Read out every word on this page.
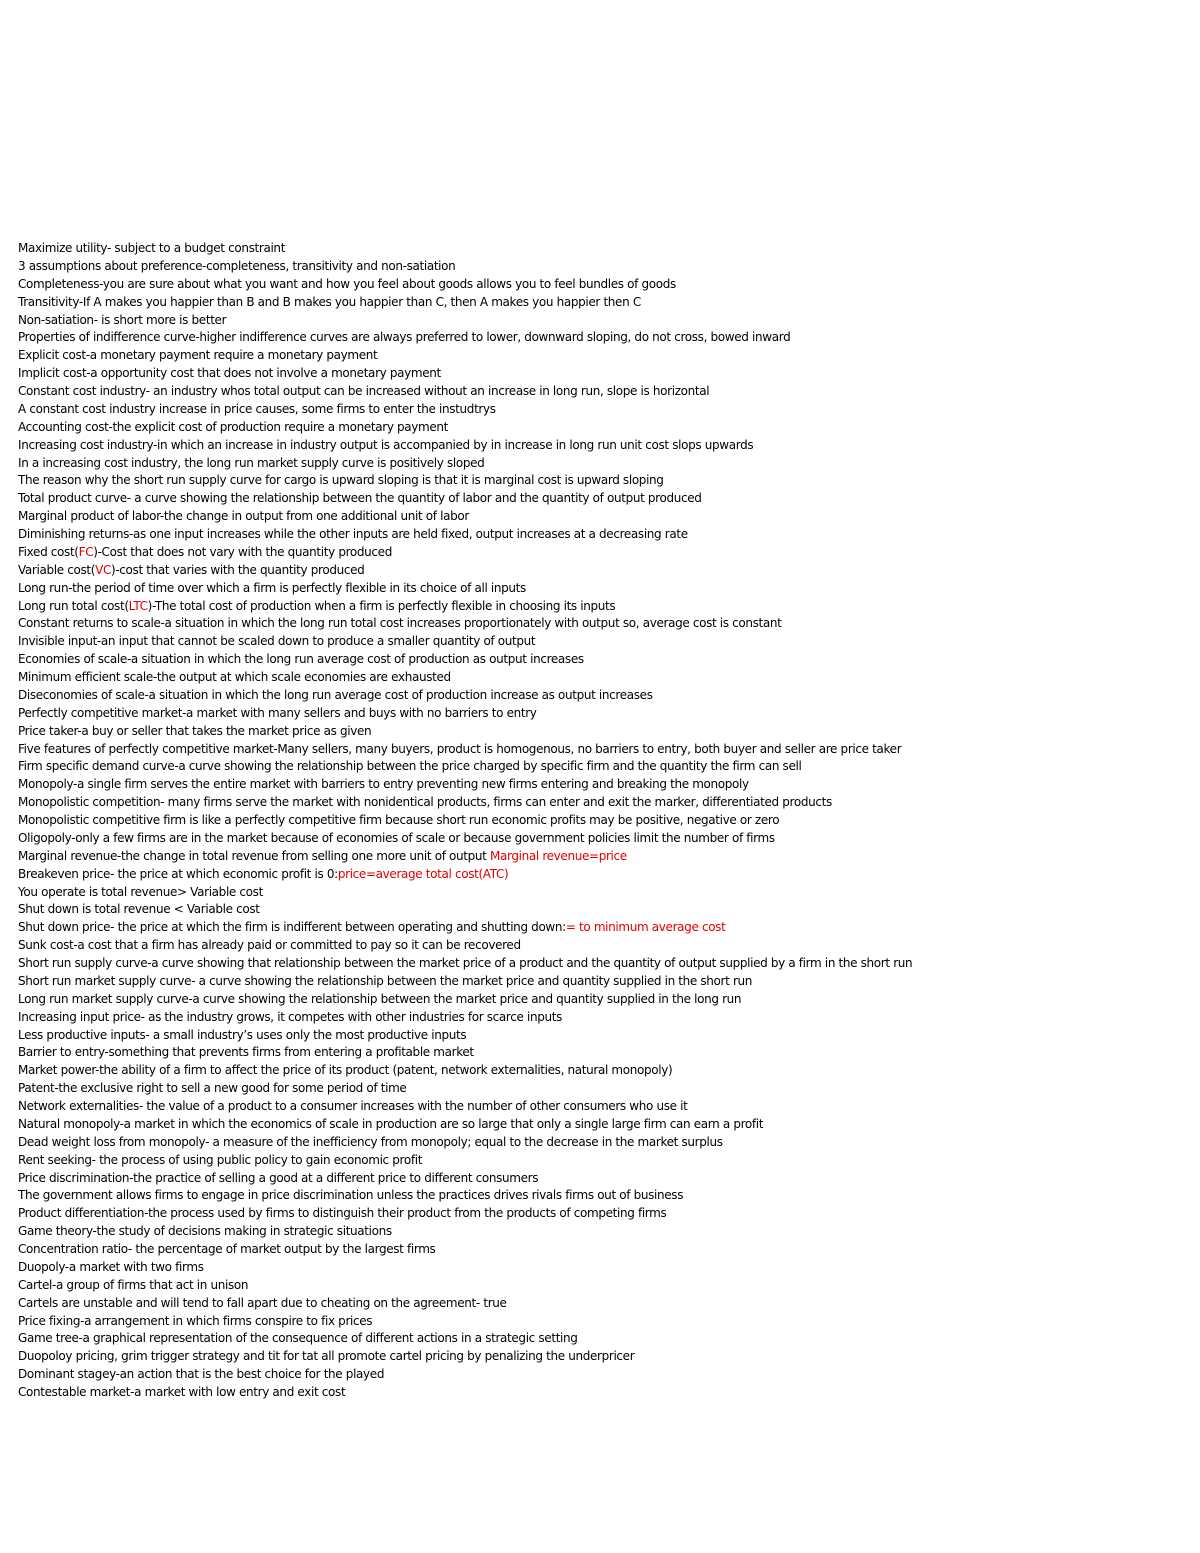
Maximize utility- subject to a budget constraint
3 assumptions about preference-completeness, transitivity and non-satiation
Completeness-you are sure about what you want and how you feel about goods allows you to feel bundles of goods
Transitivity-If A makes you happier than B and B makes you happier than C, then A makes you happier then C
Non-satiation- is short more is better
Properties of indifference curve-higher indifference curves are always preferred to lower, downward sloping, do not cross, bowed inward
Explicit cost-a monetary payment require a monetary payment
Implicit cost-a opportunity cost that does not involve a monetary payment
Constant cost industry- an industry whos total output can be increased without an increase in long run, slope is horizontal
A constant cost industry increase in price causes, some firms to enter the instudtrys
Accounting cost-the explicit cost of production require a monetary payment
Increasing cost industry-in which an increase in industry output is accompanied by in increase in long run unit cost slops upwards
In a increasing cost industry, the long run market supply curve is positively sloped
The reason why the short run supply curve for cargo is upward sloping is that it is marginal cost is upward sloping
Total product curve- a curve showing the relationship between the quantity of labor and the quantity of output produced
Marginal product of labor-the change in output from one additional unit of labor
Diminishing returns-as one input increases while the other inputs are held fixed, output increases at a decreasing rate
Fixed cost(FC)-Cost that does not vary with the quantity produced
Variable cost(VC)-cost that varies with the quantity produced
Long run-the period of time over which a firm is perfectly flexible in its choice of all inputs
Long run total cost(LTC)-The total cost of production when a firm is perfectly flexible in choosing its inputs
Constant returns to scale-a situation in which the long run total cost increases proportionately with output so, average cost is constant
Invisible input-an input that cannot be scaled down to produce a smaller quantity of output
Economies of scale-a situation in which the long run average cost of production as output increases
Minimum efficient scale-the output at which scale economies are exhausted
Diseconomies of scale-a situation in which the long run average cost of production increase as output increases
Perfectly competitive market-a market with many sellers and buys with no barriers to entry
Price taker-a buy or seller that takes the market price as given
Five features of perfectly competitive market-Many sellers, many buyers, product is homogenous, no barriers to entry, both buyer and seller are price taker
Firm specific demand curve-a curve showing the relationship between the price charged by specific firm and the quantity the firm can sell
Monopoly-a single firm serves the entire market with barriers to entry preventing new firms entering and breaking the monopoly
Monopolistic competition- many firms serve the market with nonidentical products, firms can enter and exit the marker, differentiated products
Monopolistic competitive firm is like a perfectly competitive firm because short run economic profits may be positive, negative or zero
Oligopoly-only a few firms are in the market because of economies of scale or because government policies limit the number of firms
Marginal revenue-the change in total revenue from selling one more unit of output Marginal revenue=price
Breakeven price- the price at which economic profit is 0:price=average total cost(ATC)
You operate is total revenue> Variable cost
Shut down is total revenue < Variable cost
Shut down price- the price at which the firm is indifferent between operating and shutting down:= to minimum average cost
Sunk cost-a cost that a firm has already paid or committed to pay so it can be recovered
Short run supply curve-a curve showing that relationship between the market price of a product and the quantity of output supplied by a firm in the short run
Short run market supply curve- a curve showing the relationship between the market price and quantity supplied in the short run
Long run market supply curve-a curve showing the relationship between the market price and quantity supplied in the long run
Increasing input price- as the industry grows, it competes with other industries for scarce inputs
Less productive inputs- a small industry’s uses only the most productive inputs
Barrier to entry-something that prevents firms from entering a profitable market
Market power-the ability of a firm to affect the price of its product (patent, network externalities, natural monopoly)
Patent-the exclusive right to sell a new good for some period of time
Network externalities- the value of a product to a consumer increases with the number of other consumers who use it
Natural monopoly-a market in which the economics of scale in production are so large that only a single large firm can earn a profit
Dead weight loss from monopoly- a measure of the inefficiency from monopoly; equal to the decrease in the market surplus
Rent seeking- the process of using public policy to gain economic profit
Price discrimination-the practice of selling a good at a different price to different consumers
The government allows firms to engage in price discrimination unless the practices drives rivals firms out of business
Product differentiation-the process used by firms to distinguish their product from the products of competing firms
Game theory-the study of decisions making in strategic situations
Concentration ratio- the percentage of market output by the largest firms
Duopoly-a market with two firms
Cartel-a group of firms that act in unison
Cartels are unstable and will tend to fall apart due to cheating on the agreement- true
Price fixing-a arrangement in which firms conspire to fix prices
Game tree-a graphical representation of the consequence of different actions in a strategic setting
Duopoloy pricing, grim trigger strategy and tit for tat all promote cartel pricing by penalizing the underpricer
Dominant stagey-an action that is the best choice for the played
Contestable market-a market with low entry and exit cost
